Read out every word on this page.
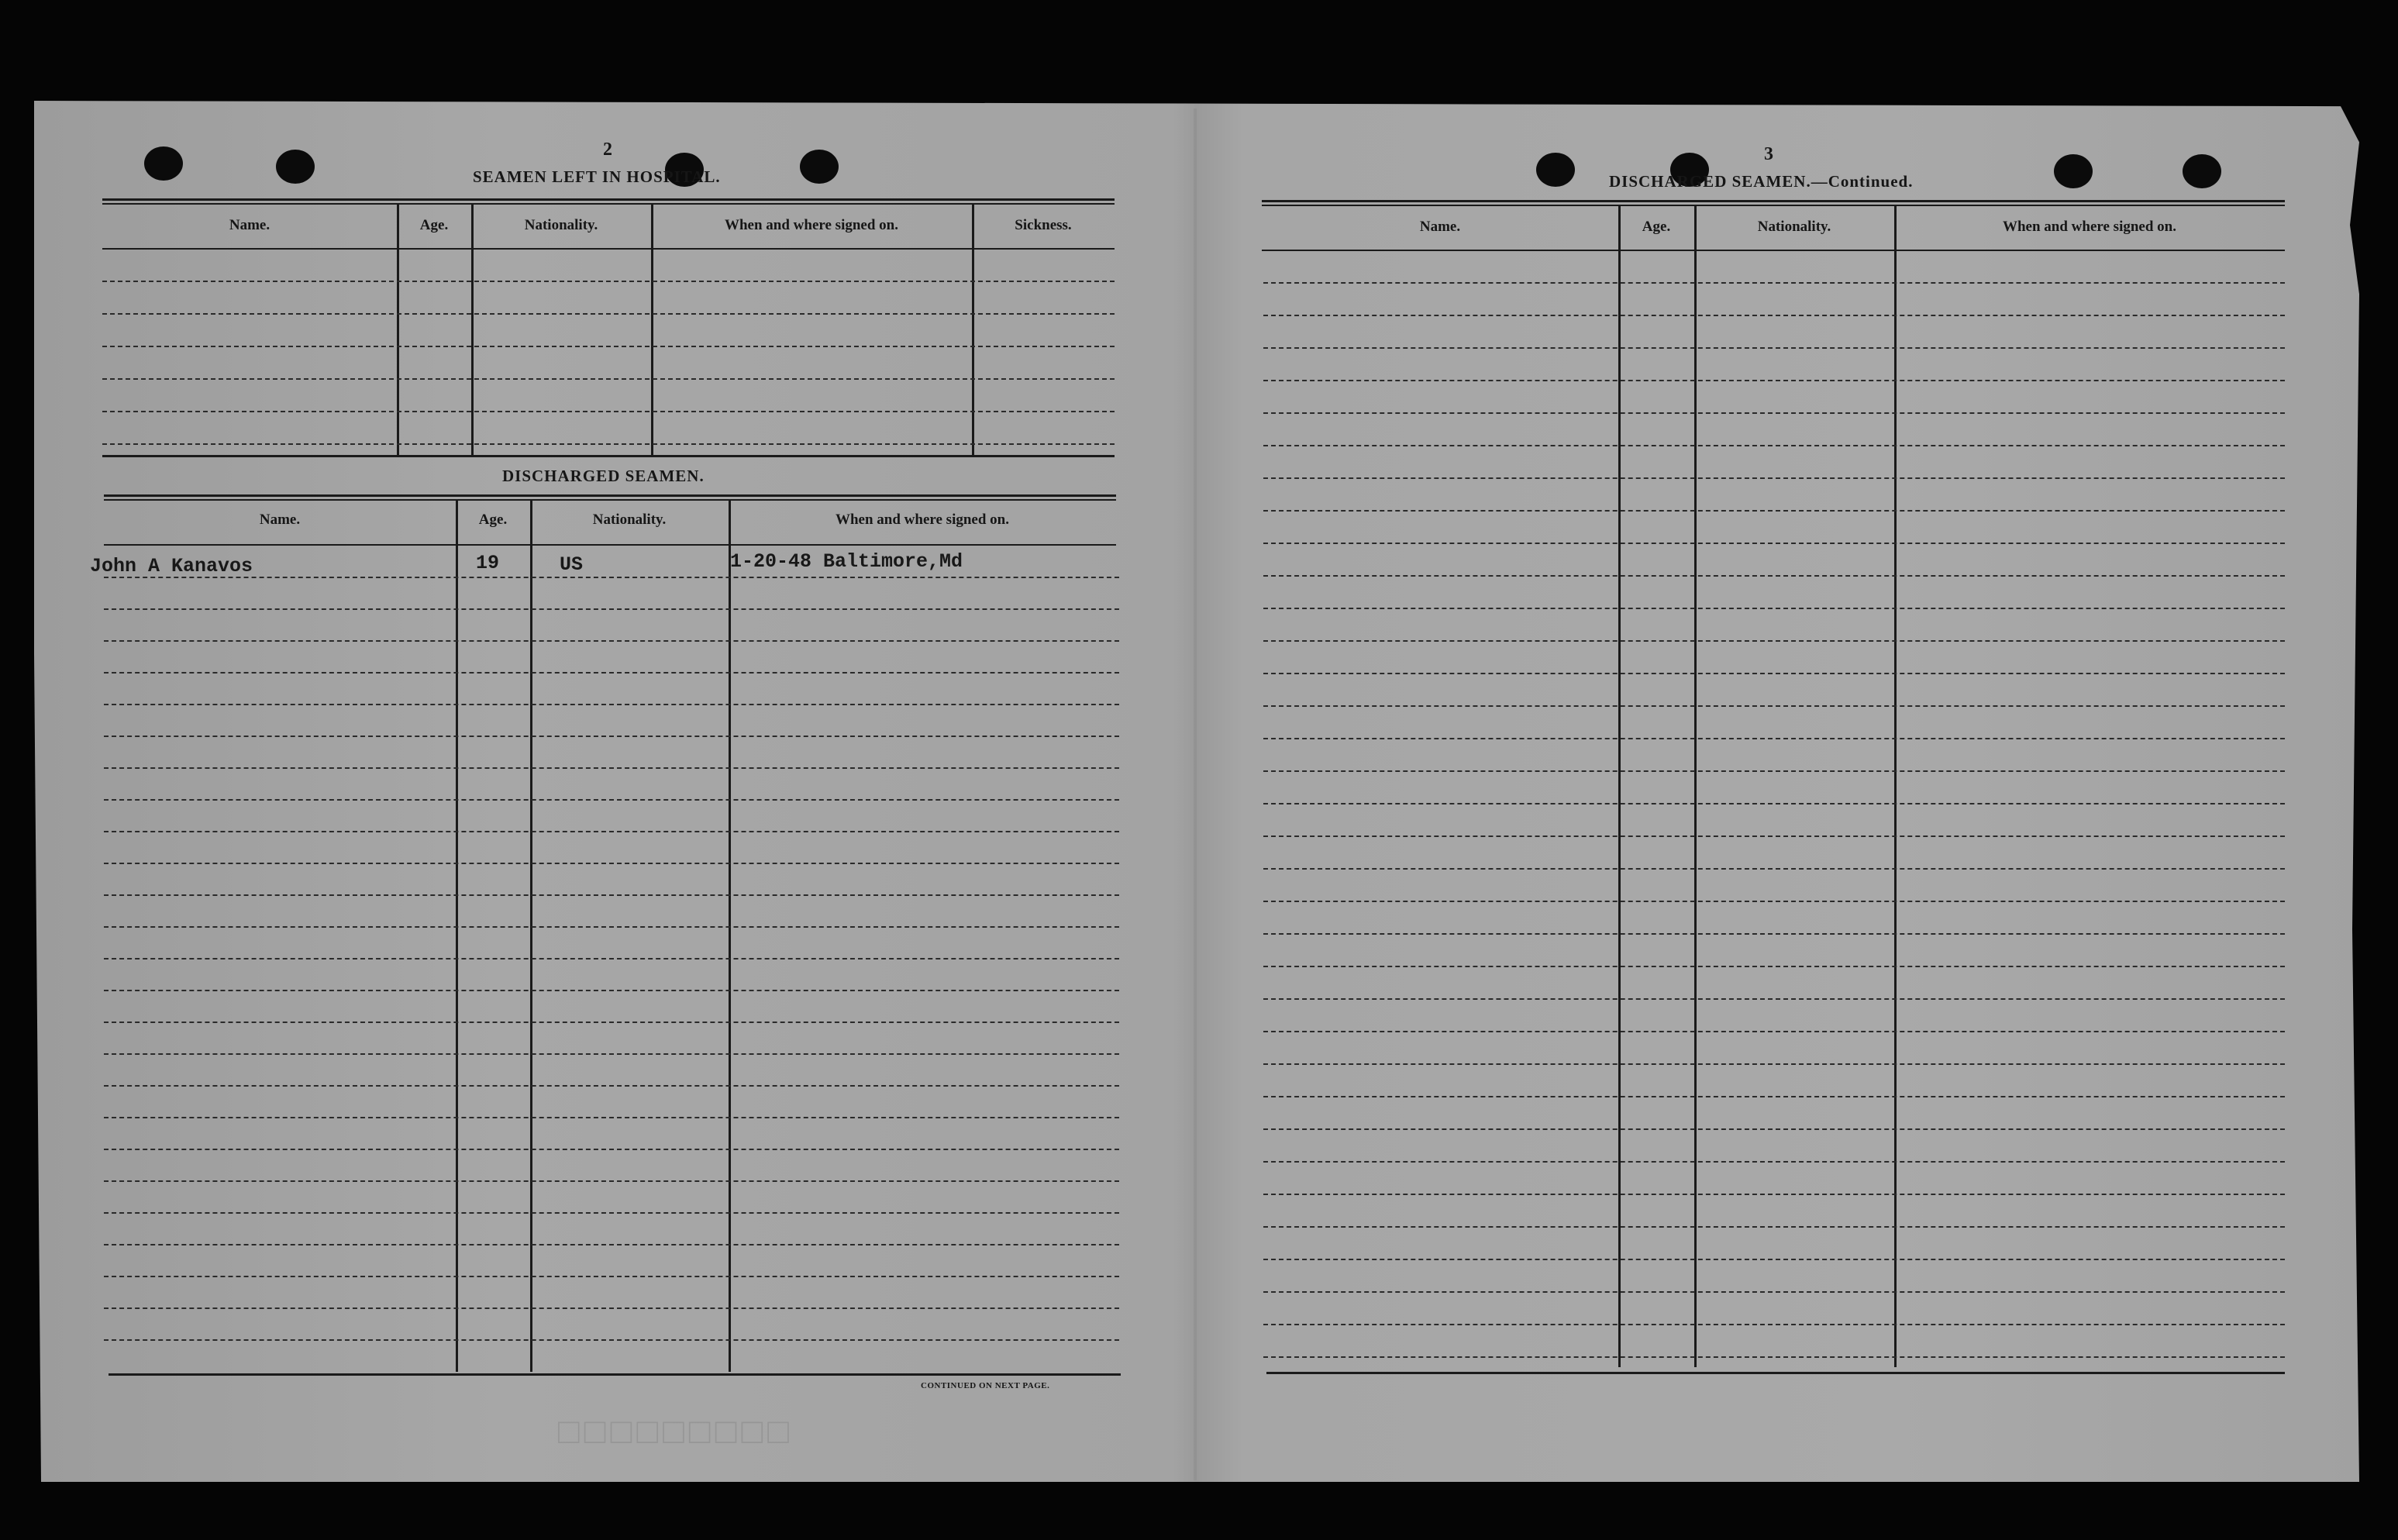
□□□□□□□□□
2
SEAMEN LEFT IN HOSPITAL.
Name.	Age.	Nationality.	When and where signed on.	Sickness.
DISCHARGED SEAMEN.
Name.	Age.	Nationality.	When and where signed on.
John A Kanavos	19	US	1-20-48 Baltimore,Md
CONTINUED ON NEXT PAGE.
3
DISCHARGED SEAMEN.—Continued.
Name.	Age.	Nationality.	When and where signed on.
